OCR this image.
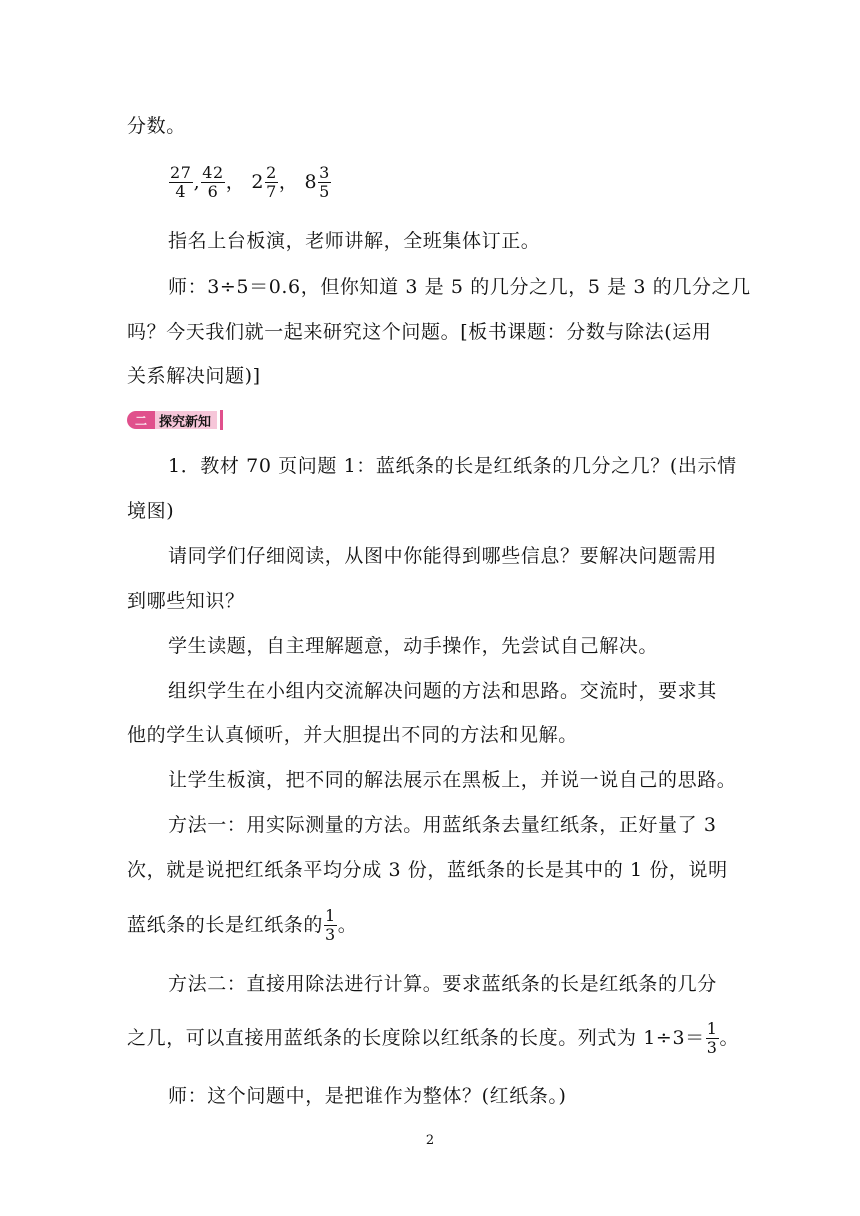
分数。
$\frac{27}{4}$ , $\frac{42}{6}$ ， $2 \frac{2}{7}$ ， $8 \frac{3}{5}$
指名上台板演，老师讲解，全班集体订正。
师：3÷5＝0.6，但你知道 3 是 5 的几分之几，5 是 3 的几分之几
吗？今天我们就一起来研究这个问题。[板书课题：分数与除法(运用
关系解决问题)]
二 探究新知
1．教材 70 页问题 1：蓝纸条的长是红纸条的几分之几？(出示情
境图)
请同学们仔细阅读，从图中你能得到哪些信息？要解决问题需用
到哪些知识？
学生读题，自主理解题意，动手操作，先尝试自己解决。
组织学生在小组内交流解决问题的方法和思路。交流时，要求其
他的学生认真倾听，并大胆提出不同的方法和见解。
让学生板演，把不同的解法展示在黑板上，并说一说自己的思路。
方法一：用实际测量的方法。用蓝纸条去量红纸条，正好量了 3
次，就是说把红纸条平均分成 3 份，蓝纸条的长是其中的 1 份，说明
蓝纸条的长是红纸条的 $\frac{1}{3}$ 。
方法二：直接用除法进行计算。要求蓝纸条的长是红纸条的几分
之几，可以直接用蓝纸条的长度除以红纸条的长度。列式为 $1\div 3= \frac{1}{3}$ 。
师：这个问题中，是把谁作为整体？(红纸条。)
2
